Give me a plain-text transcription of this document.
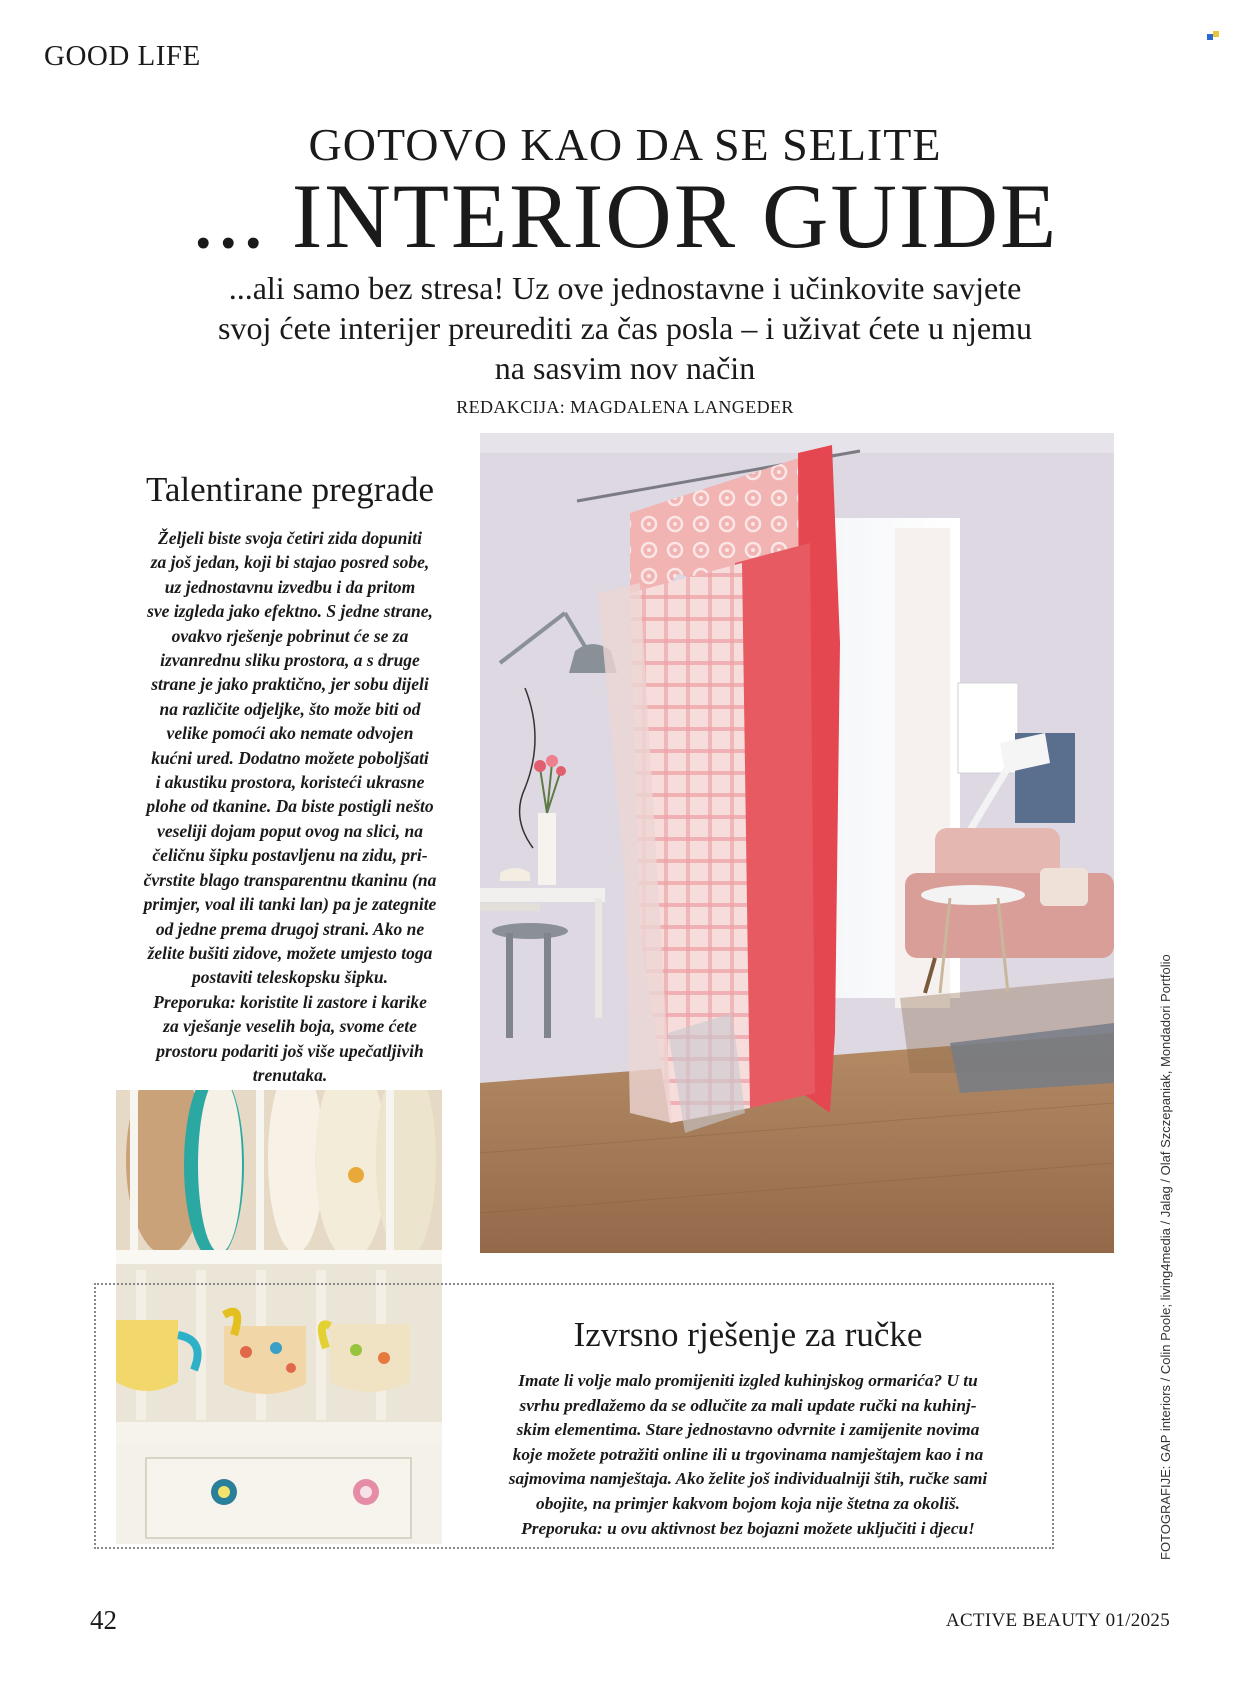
GOOD LIFE
GOTOVO KAO DA SE SELITE
... INTERIOR GUIDE
...ali samo bez stresa! Uz ove jednostavne i učinkovite savjete
svoj ćete interijer preurediti za čas posla – i uživat ćete u njemu
na sasvim nov način
REDAKCIJA: MAGDALENA LANGEDER
Talentirane pregrade
Željeli biste svoja četiri zida dopuniti
za još jedan, koji bi stajao posred sobe,
uz jednostavnu izvedbu i da pritom
sve izgleda jako efektno. S jedne strane,
ovakvo rješenje pobrinut će se za
izvanrednu sliku prostora, a s druge
strane je jako praktično, jer sobu dijeli
na različite odjeljke, što može biti od
velike pomoći ako nemate odvojen
kućni ured. Dodatno možete poboljšati
i akustiku prostora, koristeći ukrasne
plohe od tkanine. Da biste postigli nešto
veseliji dojam poput ovog na slici, na
čeličnu šipku postavljenu na zidu, pri-
čvrstite blago transparentnu tkaninu (na
primjer, voal ili tanki lan) pa je zategnite
od jedne prema drugoj strani. Ako ne
želite bušiti zidove, možete umjesto toga
postaviti teleskopsku šipku.
Preporuka: koristite li zastore i karike
za vješanje veselih boja, svome ćete
prostoru podariti još više upečatljivih
trenutaka.
Izvrsno rješenje za ručke
Imate li volje malo promijeniti izgled kuhinjskog ormarića? U tu
svrhu predlažemo da se odlučite za mali update ručki na kuhinj-
skim elementima. Stare jednostavno odvrnite i zamijenite novima
koje možete potražiti online ili u trgovinama namještajem kao i na
sajmovima namještaja. Ako želite još individualniji štih, ručke sami
obojite, na primjer kakvom bojom koja nije štetna za okoliš.
Preporuka: u ovu aktivnost bez bojazni možete uključiti i djecu!	FOTOGRAFIJE: GAP interiors / Colin Poole; living4media / Jalag / Olaf Szczepaniak, Mondadori Portfolio
42	ACTIVE BEAUTY 01/2025
